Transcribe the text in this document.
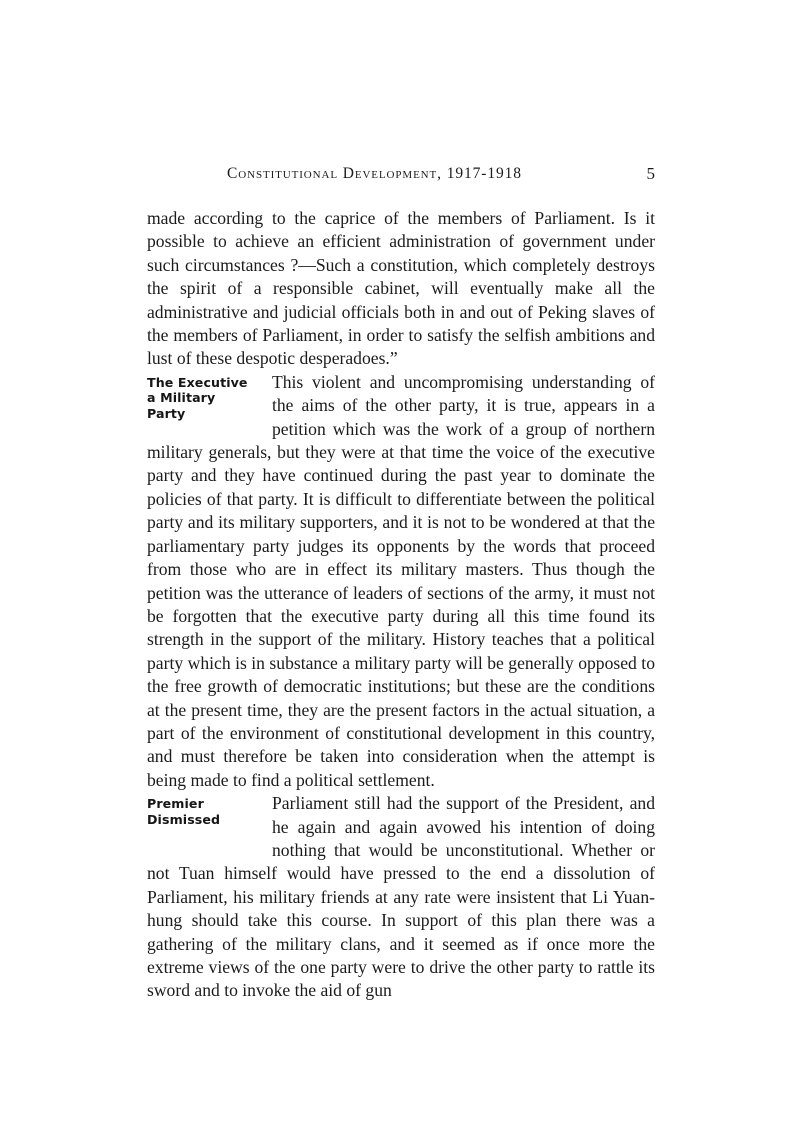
Constitutional Development, 1917-1918	5

made according to the caprice of the members of Parliament. Is it possible to achieve an efficient administration of government under such circumstances ?—Such a constitution, which completely destroys the spirit of a responsible cabinet, will eventually make all the administrative and judicial officials both in and out of Peking slaves of the members of Parliament, in order to satisfy the selfish ambitions and lust of these despotic desperadoes.”

The Executive
a Military
Party
This violent and uncompromising understanding of the aims of the other party, it is true, appears in a petition which was the work of a group of northern military generals, but they were at that time the voice of the executive party and they have continued during the past year to dominate the policies of that party. It is difficult to differentiate between the political party and its military supporters, and it is not to be wondered at that the parliamentary party judges its opponents by the words that proceed from those who are in effect its military masters. Thus though the petition was the utterance of leaders of sections of the army, it must not be forgotten that the executive party during all this time found its strength in the support of the military. History teaches that a political party which is in substance a military party will be generally opposed to the free growth of democratic institutions; but these are the conditions at the present time, they are the present factors in the actual situation, a part of the environment of constitutional development in this country, and must therefore be taken into consideration when the attempt is being made to find a political settlement.

Premier
Dismissed
Parliament still had the support of the President, and he again and again avowed his intention of doing nothing that would be unconstitutional. Whether or not Tuan himself would have pressed to the end a dissolution of Parliament, his military friends at any rate were insistent that Li Yuan-hung should take this course. In support of this plan there was a gathering of the military clans, and it seemed as if once more the extreme views of the one party were to drive the other party to rattle its sword and to invoke the aid of gun
